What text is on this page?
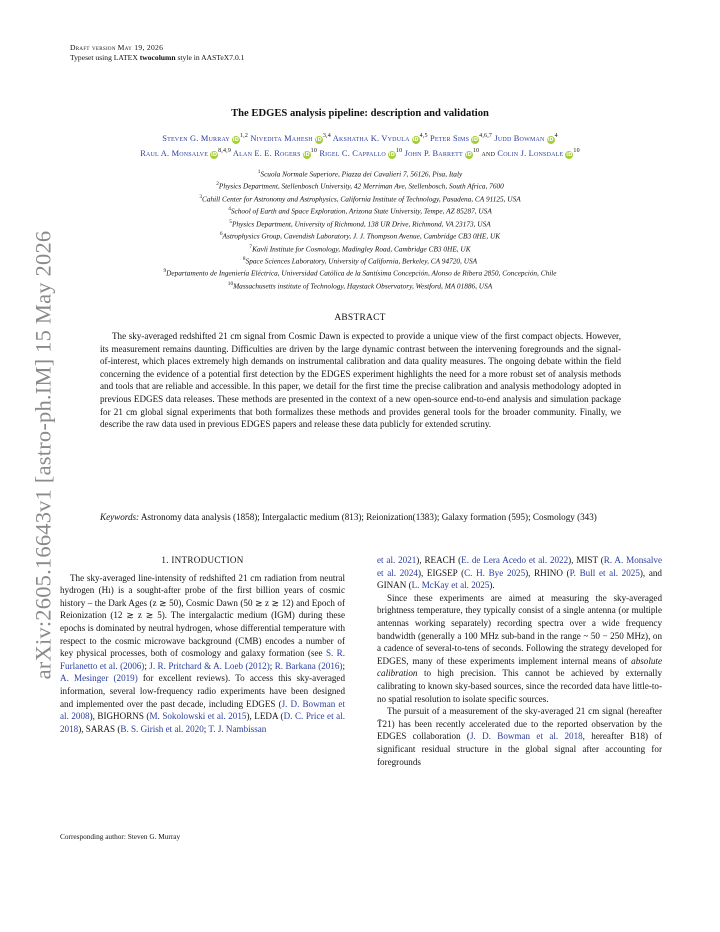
arXiv:2605.16643v1 [astro-ph.IM] 15 May 2026
Draft version May 19, 2026
Typeset using LATEX twocolumn style in AASTeX7.0.1
The EDGES analysis pipeline: description and validation
Steven G. Murray iD$^{1,2}$ Nivedita Mahesh iD$^{3,4}$ Akshatha K. Vydula iD$^{4,5}$ Peter Sims iD$^{4,6,7}$ Judd Bowman $iD^4$
Raul A. Monsalve iD$^{8,4,9}$ Alan E. E. Rogers $iD^{10}$ Rigel C. Cappallo $iD^{10}$ John P. Barrett $iD^{10}$ and Colin J. Lonsdale $iD^{10}$
$^1$Scuola Normale Superiore, Piazza dei Cavalieri 7, 56126, Pisa, Italy
$^2$Physics Department, Stellenbosch University, 42 Merriman Ave, Stellenbosch, South Africa, 7600
$^3$Cahill Center for Astronomy and Astrophysics, California Institute of Technology, Pasadena, CA 91125, USA
$^4$School of Earth and Space Exploration, Arizona State University, Tempe, AZ 85287, USA
$^5$Physics Department, University of Richmond, 138 UR Drive, Richmond, VA 23173, USA
$^6$Astrophysics Group, Cavendish Laboratory, J. J. Thompson Avenue, Cambridge CB3 0HE, UK
$^7$Kavli Institute for Cosmology, Madingley Road, Cambridge CB3 0HE, UK
$^8$Space Sciences Laboratory, University of California, Berkeley, CA 94720, USA
$^9$Departamento de Ingeniería Eléctrica, Universidad Católica de la Santísima Concepción, Alonso de Ribera 2850, Concepción, Chile
$^{10}$Massachusetts institute of Technology, Haystack Observatory, Westford, MA 01886, USA
ABSTRACT

The sky-averaged redshifted 21 cm signal from Cosmic Dawn is expected to provide a unique view of the first compact objects. However, its measurement remains daunting. Difficulties are driven by the large dynamic contrast between the intervening foregrounds and the signal-of-interest, which places extremely high demands on instrumental calibration and data quality measures. The ongoing debate within the field concerning the evidence of a potential first detection by the EDGES experiment highlights the need for a more robust set of analysis methods and tools that are reliable and accessible. In this paper, we detail for the first time the precise calibration and analysis methodology adopted in previous EDGES data releases. These methods are presented in the context of a new open-source end-to-end analysis and simulation package for 21 cm global signal experiments that both formalizes these methods and provides general tools for the broader community. Finally, we describe the raw data used in previous EDGES papers and release these data publicly for extended scrutiny.

Keywords: Astronomy data analysis (1858); Intergalactic medium (813); Reionization(1383); Galaxy formation (595); Cosmology (343)

1. INTRODUCTION

The sky-averaged line-intensity of redshifted 21 cm radiation from neutral hydrogen (Hı) is a sought-after probe of the first billion years of cosmic history – the Dark Ages (z ≳ 50), Cosmic Dawn (50 ≳ z ≳ 12) and Epoch of Reionization (12 ≳ z ≳ 5). The intergalactic medium (IGM) during these epochs is dominated by neutral hydrogen, whose differential temperature with respect to the cosmic microwave background (CMB) encodes a number of key physical processes, both of cosmology and galaxy formation (see S. R. Furlanetto et al. (2006); J. R. Pritchard & A. Loeb (2012); R. Barkana (2016); A. Mesinger (2019) for excellent reviews). To access this sky-averaged information, several low-frequency radio experiments have been designed and implemented over the past decade, including EDGES (J. D. Bowman et al. 2008), BIGHORNS (M. Sokolowski et al. 2015), LEDA (D. C. Price et al. 2018), SARAS (B. S. Girish et al. 2020; T. J. Nambissan

et al. 2021), REACH (E. de Lera Acedo et al. 2022), MIST (R. A. Monsalve et al. 2024), EIGSEP (C. H. Bye 2025), RHINO (P. Bull et al. 2025), and GINAN (L. McKay et al. 2025).

Since these experiments are aimed at measuring the sky-averaged brightness temperature, they typically consist of a single antenna (or multiple antennas working separately) recording spectra over a wide frequency bandwidth (generally a 100 MHz sub-band in the range ~ 50 − 250 MHz), on a cadence of several-to-tens of seconds. Following the strategy developed for EDGES, many of these experiments implement internal means of absolute calibration to high precision. This cannot be achieved by externally calibrating to known sky-based sources, since the recorded data have little-to-no spatial resolution to isolate specific sources.

The pursuit of a measurement of the sky-averaged 21 cm signal (hereafter T̄21) has been recently accelerated due to the reported observation by the EDGES collaboration (J. D. Bowman et al. 2018, hereafter B18) of significant residual structure in the global signal after accounting for foregrounds

Corresponding author: Steven G. Murray
